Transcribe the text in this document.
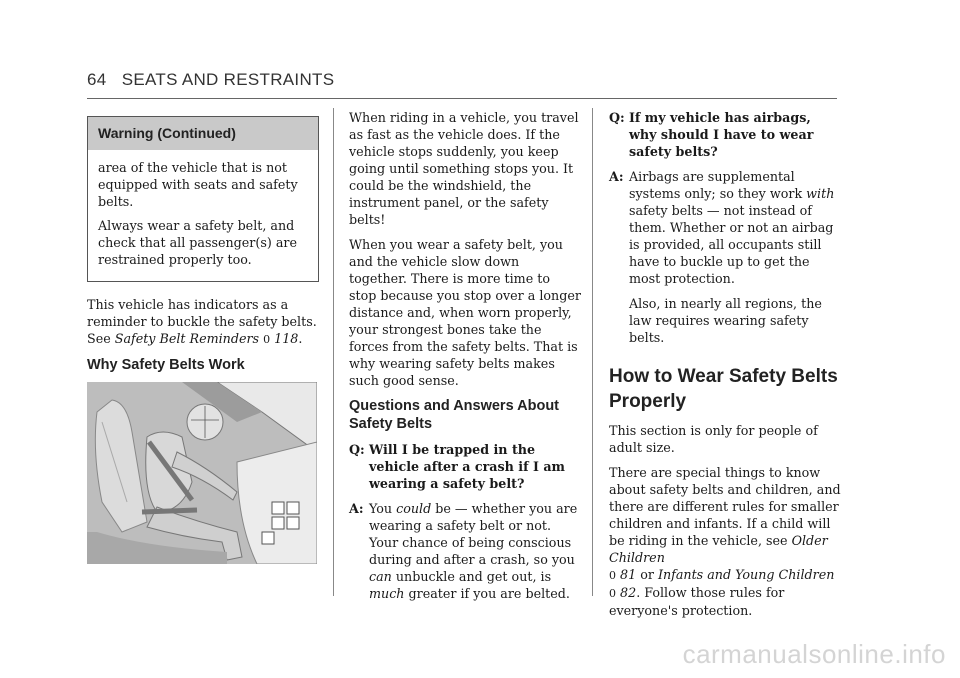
64 SEATS AND RESTRAINTS
Warning (Continued)

area of the vehicle that is not equipped with seats and safety belts.

Always wear a safety belt, and check that all passenger(s) are restrained properly too.

This vehicle has indicators as a reminder to buckle the safety belts. See Safety Belt Reminders 0 118.

Why Safety Belts Work

When riding in a vehicle, you travel as fast as the vehicle does. If the vehicle stops suddenly, you keep going until something stops you. It could be the windshield, the instrument panel, or the safety belts!

When you wear a safety belt, you and the vehicle slow down together. There is more time to stop because you stop over a longer distance and, when worn properly, your strongest bones take the forces from the safety belts. That is why wearing safety belts makes such good sense.

Questions and Answers About Safety Belts
Q: Will I be trapped in the vehicle after a crash if I am wearing a safety belt?
A: You could be — whether you are wearing a safety belt or not. Your chance of being conscious during and after a crash, so you can unbuckle and get out, is much greater if you are belted.
Q: If my vehicle has airbags, why should I have to wear safety belts?
A: Airbags are supplemental systems only; so they work with safety belts — not instead of them. Whether or not an airbag is provided, all occupants still have to buckle up to get the most protection.

Also, in nearly all regions, the law requires wearing safety belts.

How to Wear Safety Belts Properly

This section is only for people of adult size.

There are special things to know about safety belts and children, and there are different rules for smaller children and infants. If a child will be riding in the vehicle, see Older Children
0 81 or Infants and Young Children
0 82. Follow those rules for everyone's protection.

carmanualsonline.info
